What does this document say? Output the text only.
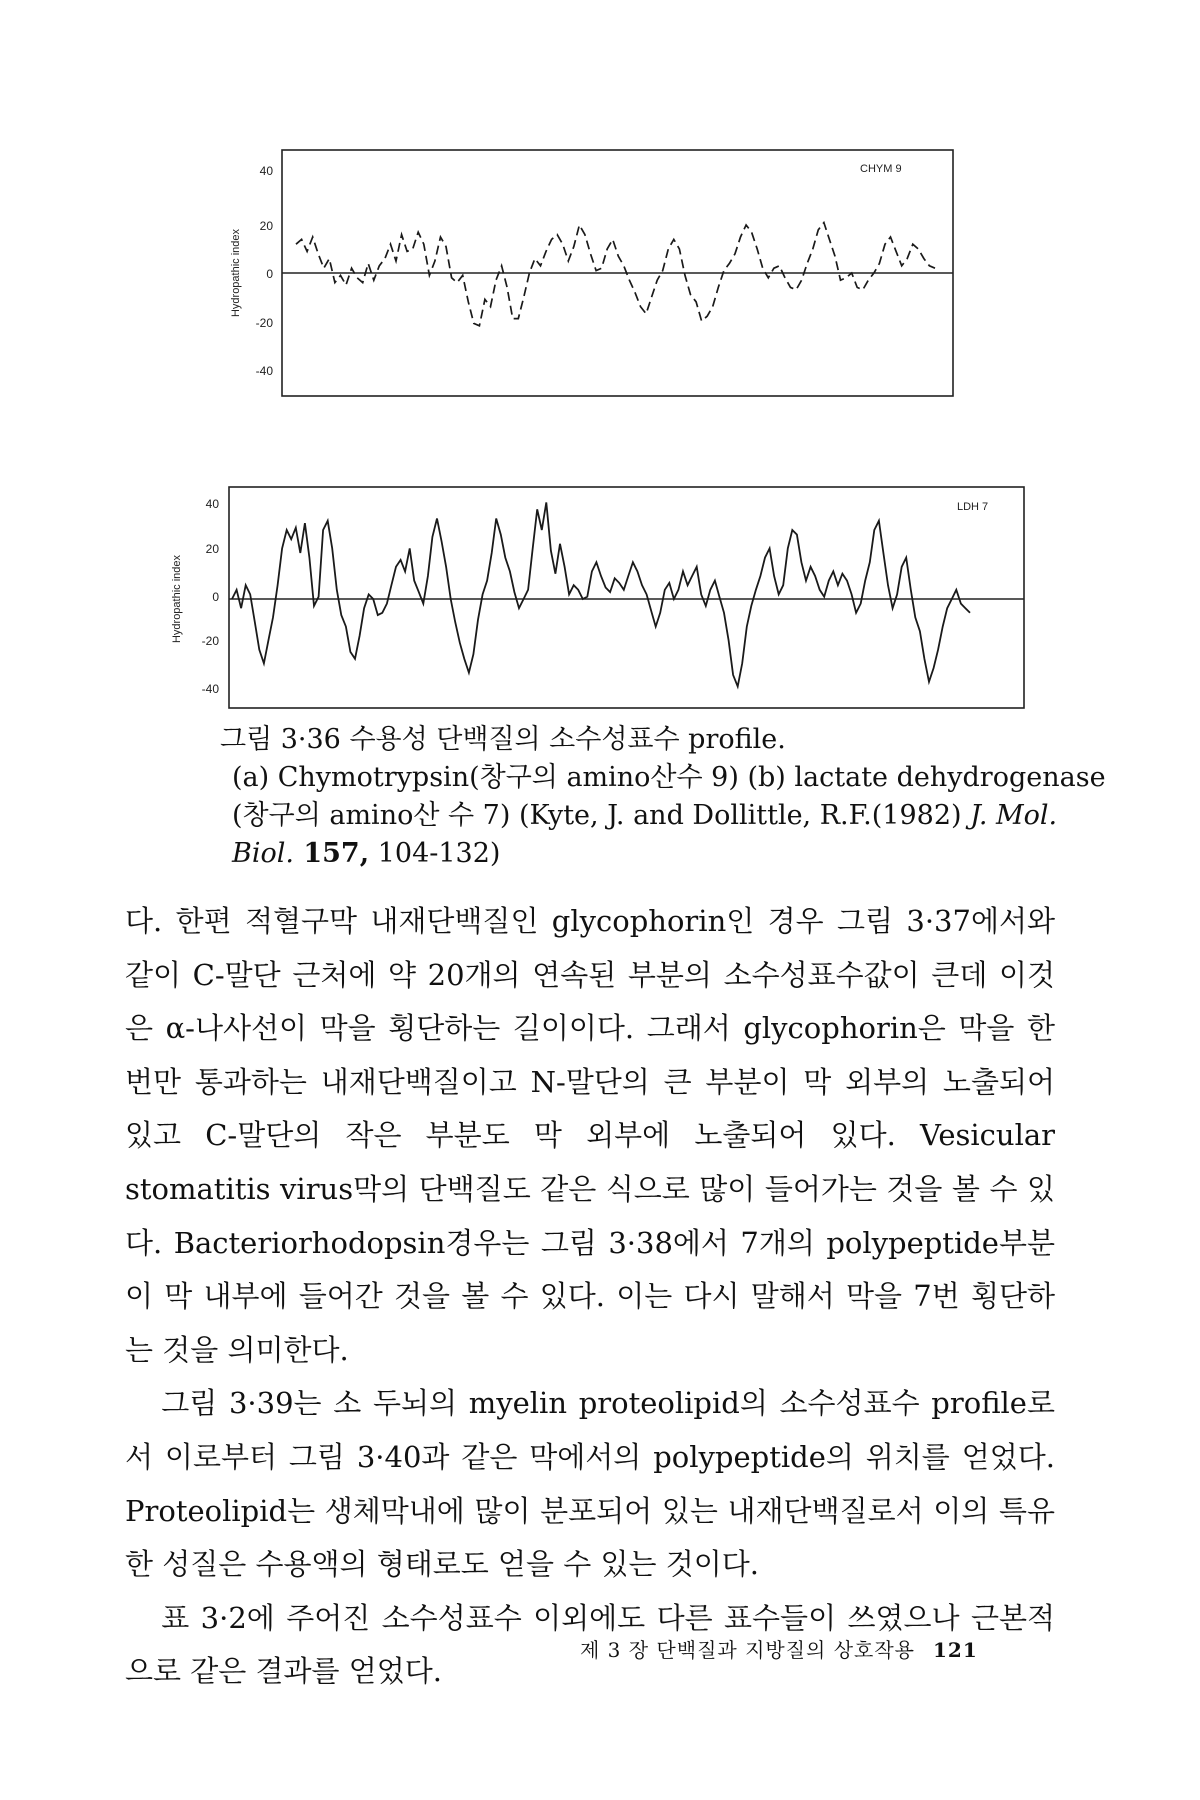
40
20
0
-20
-40
Hydropathic index
CHYM 9
40
20
0
-20
-40
Hydropathic index
LDH 7
그림 3·36 수용성 단백질의 소수성표수 profile.
(a) Chymotrypsin(창구의 amino산수 9) (b) lactate dehydrogenase
(창구의 amino산 수 7) (Kyte, J. and Dollittle, R.F.(1982) J. Mol.
Biol. 157, 104-132)

다. 한편 적혈구막 내재단백질인 glycophorin인 경우 그림 3·37에서와 같이 C-말단 근처에 약 20개의 연속된 부분의 소수성표수값이 큰데 이것은 α-나사선이 막을 횡단하는 길이이다. 그래서 glycophorin은 막을 한번만 통과하는 내재단백질이고 N-말단의 큰 부분이 막 외부의 노출되어 있고 C-말단의 작은 부분도 막 외부에 노출되어 있다. Vesicular stomatitis virus막의 단백질도 같은 식으로 많이 들어가는 것을 볼 수 있다. Bacteriorhodopsin경우는 그림 3·38에서 7개의 polypeptide부분이 막 내부에 들어간 것을 볼 수 있다. 이는 다시 말해서 막을 7번 횡단하는 것을 의미한다.

그림 3·39는 소 두뇌의 myelin proteolipid의 소수성표수 profile로서 이로부터 그림 3·40과 같은 막에서의 polypeptide의 위치를 얻었다. Proteolipid는 생체막내에 많이 분포되어 있는 내재단백질로서 이의 특유한 성질은 수용액의 형태로도 얻을 수 있는 것이다.

표 3·2에 주어진 소수성표수 이외에도 다른 표수들이 쓰였으나 근본적으로 같은 결과를 얻었다.

제 3 장 단백질과 지방질의 상호작용 121
